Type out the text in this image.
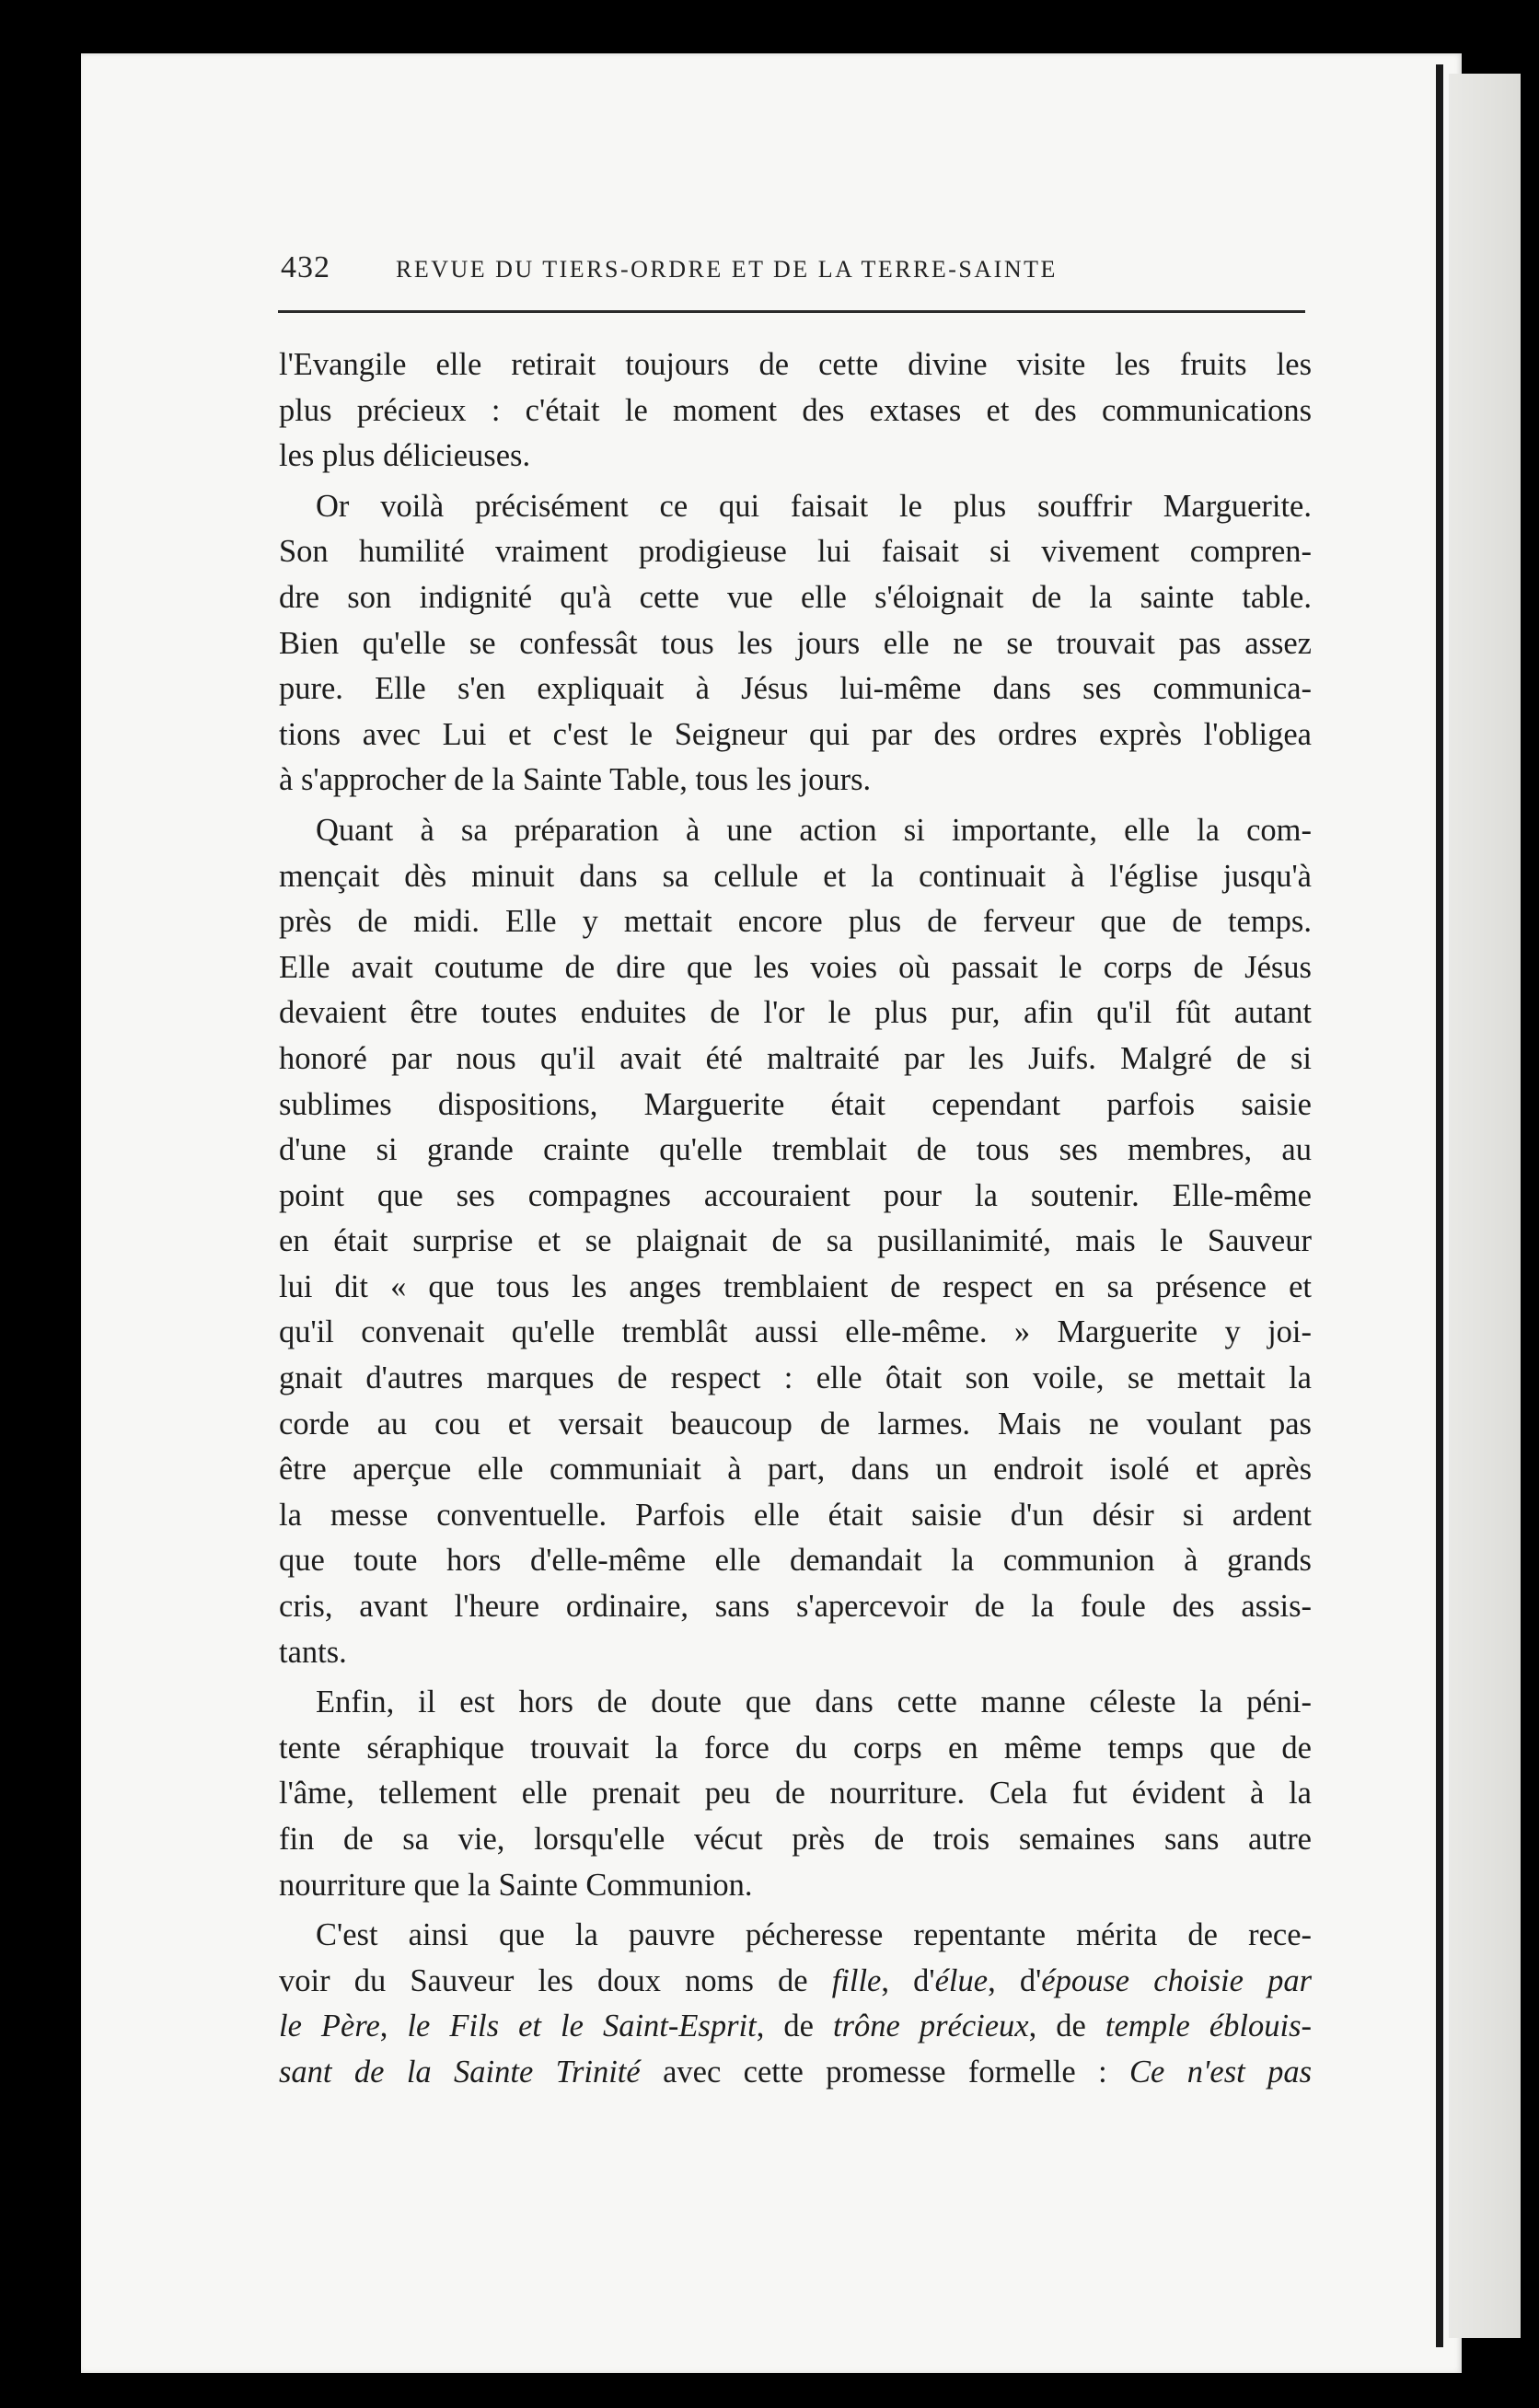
432	REVUE DU TIERS-ORDRE ET DE LA TERRE-SAINTE
l'Evangile elle retirait toujours de cette divine visite les fruits les
plus précieux : c'était le moment des extases et des communications
les plus délicieuses.
Or voilà précisément ce qui faisait le plus souffrir Marguerite.
Son humilité vraiment prodigieuse lui faisait si vivement compren-
dre son indignité qu'à cette vue elle s'éloignait de la sainte table.
Bien qu'elle se confessât tous les jours elle ne se trouvait pas assez
pure. Elle s'en expliquait à Jésus lui-même dans ses communica-
tions avec Lui et c'est le Seigneur qui par des ordres exprès l'obligea
à s'approcher de la Sainte Table, tous les jours.
Quant à sa préparation à une action si importante, elle la com-
mençait dès minuit dans sa cellule et la continuait à l'église jusqu'à
près de midi. Elle y mettait encore plus de ferveur que de temps.
Elle avait coutume de dire que les voies où passait le corps de Jésus
devaient être toutes enduites de l'or le plus pur, afin qu'il fût autant
honoré par nous qu'il avait été maltraité par les Juifs. Malgré de si
sublimes dispositions, Marguerite était cependant parfois saisie
d'une si grande crainte qu'elle tremblait de tous ses membres, au
point que ses compagnes accouraient pour la soutenir. Elle-même
en était surprise et se plaignait de sa pusillanimité, mais le Sauveur
lui dit « que tous les anges tremblaient de respect en sa présence et
qu'il convenait qu'elle tremblât aussi elle-même. » Marguerite y joi-
gnait d'autres marques de respect : elle ôtait son voile, se mettait la
corde au cou et versait beaucoup de larmes. Mais ne voulant pas
être aperçue elle communiait à part, dans un endroit isolé et après
la messe conventuelle. Parfois elle était saisie d'un désir si ardent
que toute hors d'elle-même elle demandait la communion à grands
cris, avant l'heure ordinaire, sans s'apercevoir de la foule des assis-
tants.
Enfin, il est hors de doute que dans cette manne céleste la péni-
tente séraphique trouvait la force du corps en même temps que de
l'âme, tellement elle prenait peu de nourriture. Cela fut évident à la
fin de sa vie, lorsqu'elle vécut près de trois semaines sans autre
nourriture que la Sainte Communion.
C'est ainsi que la pauvre pécheresse repentante mérita de rece-
voir du Sauveur les doux noms de fille, d'élue, d'épouse choisie par
le Père, le Fils et le Saint-Esprit, de trône précieux, de temple éblouis-
sant de la Sainte Trinité avec cette promesse formelle : Ce n'est pas
